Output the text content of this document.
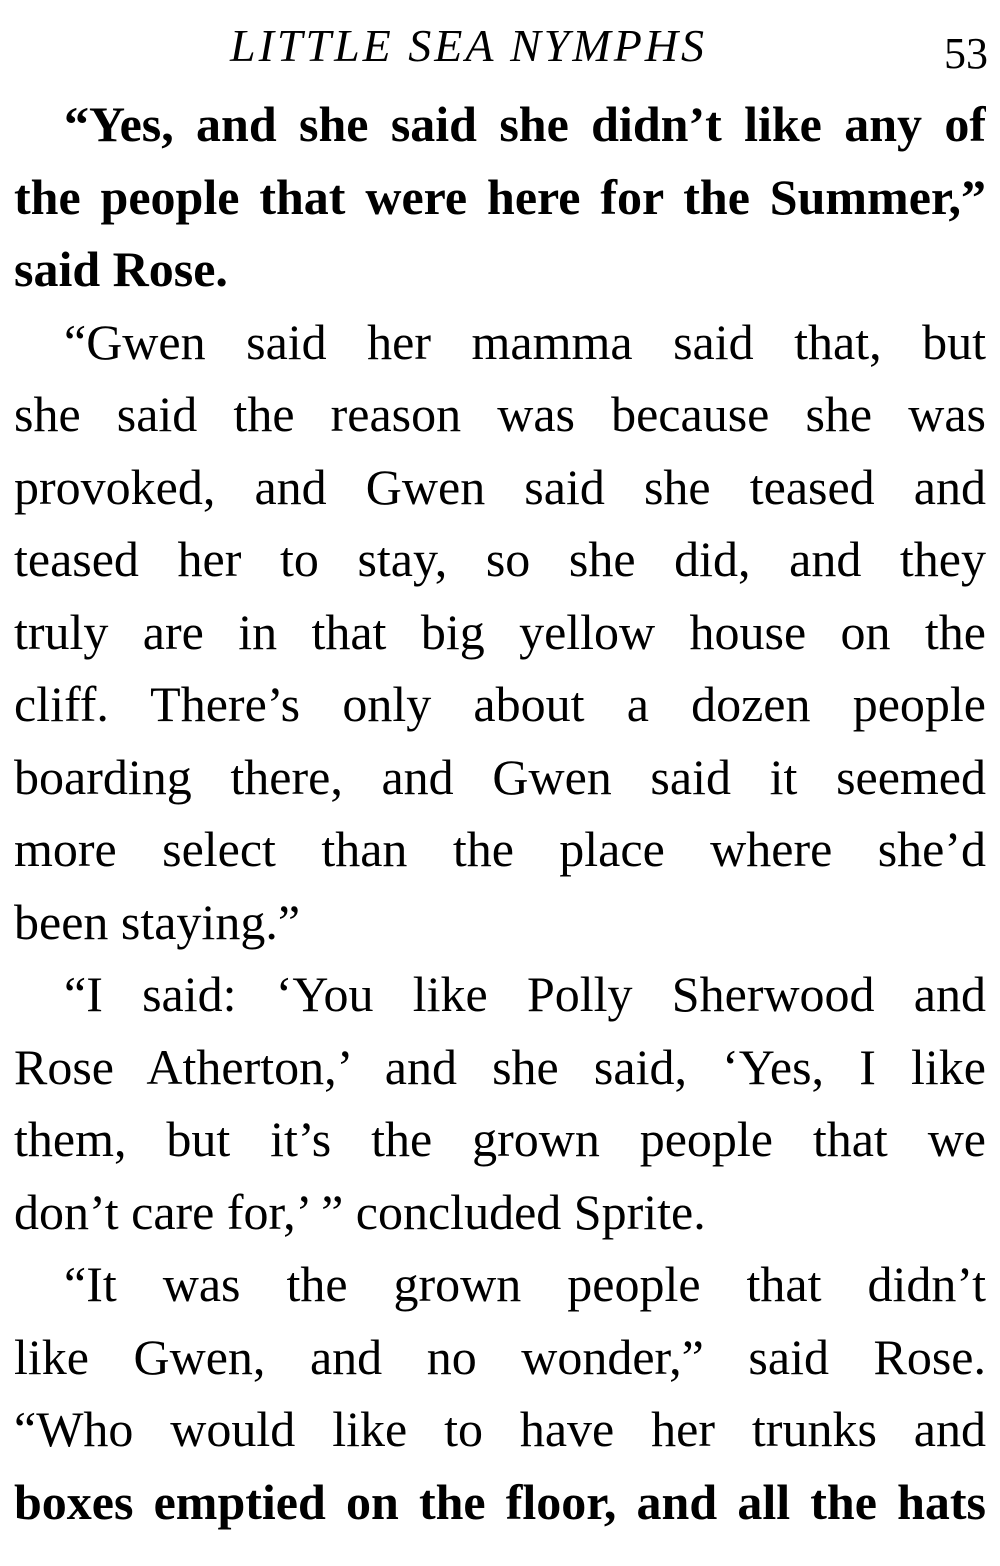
LITTLE SEA NYMPHS	53
“Yes, and she said she didn’t like any of
the people that were here for the Summer,”
said Rose.
“Gwen said her mamma said that, but
she said the reason was because she was
provoked, and Gwen said she teased and
teased her to stay, so she did, and they
truly are in that big yellow house on the
cliff. There’s only about a dozen people
boarding there, and Gwen said it seemed
more select than the place where she’d
been staying.”
“I said: ‘You like Polly Sherwood and
Rose Atherton,’ and she said, ‘Yes, I like
them, but it’s the grown people that we
don’t care for,’ ” concluded Sprite.
“It was the grown people that didn’t
like Gwen, and no wonder,” said Rose.
“Who would like to have her trunks and
boxes emptied on the floor, and all the hats
